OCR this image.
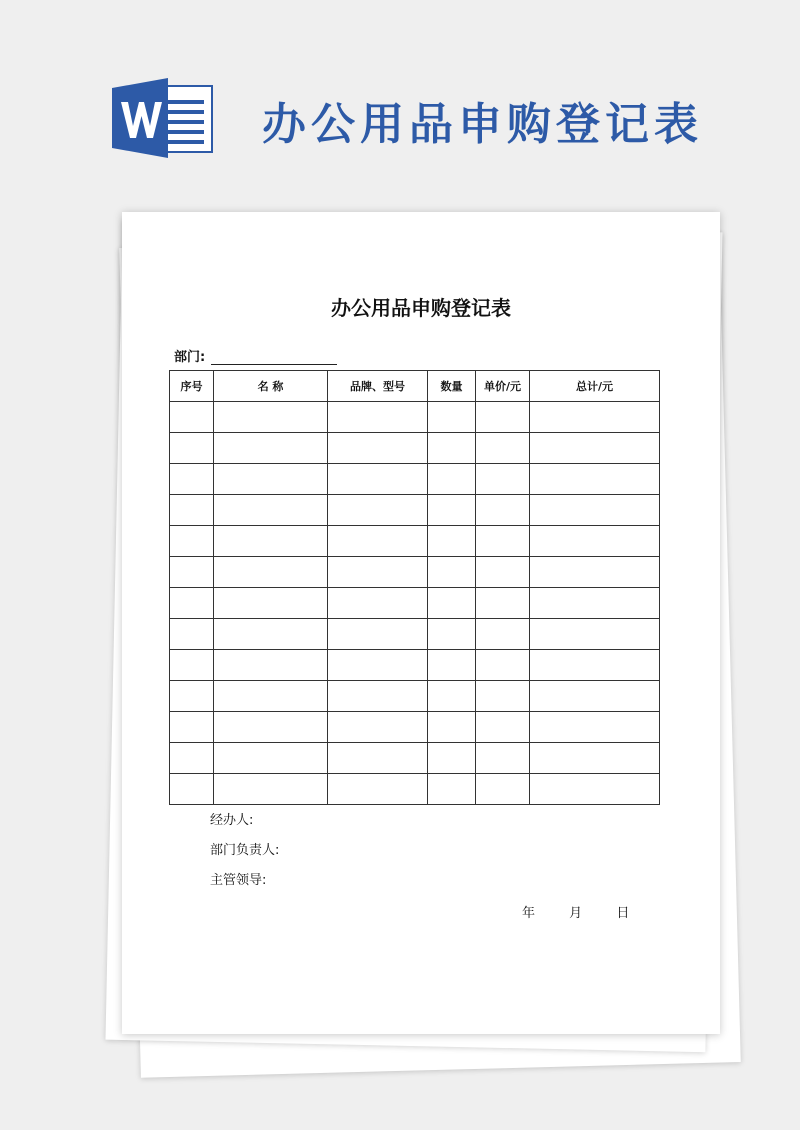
办公用品申购登记表
办公用品申购登记表
部门:
序号	名 称	品牌、型号	数量	单价/元	总计/元

经办人:
部门负责人:
主管领导:
年	月	日
